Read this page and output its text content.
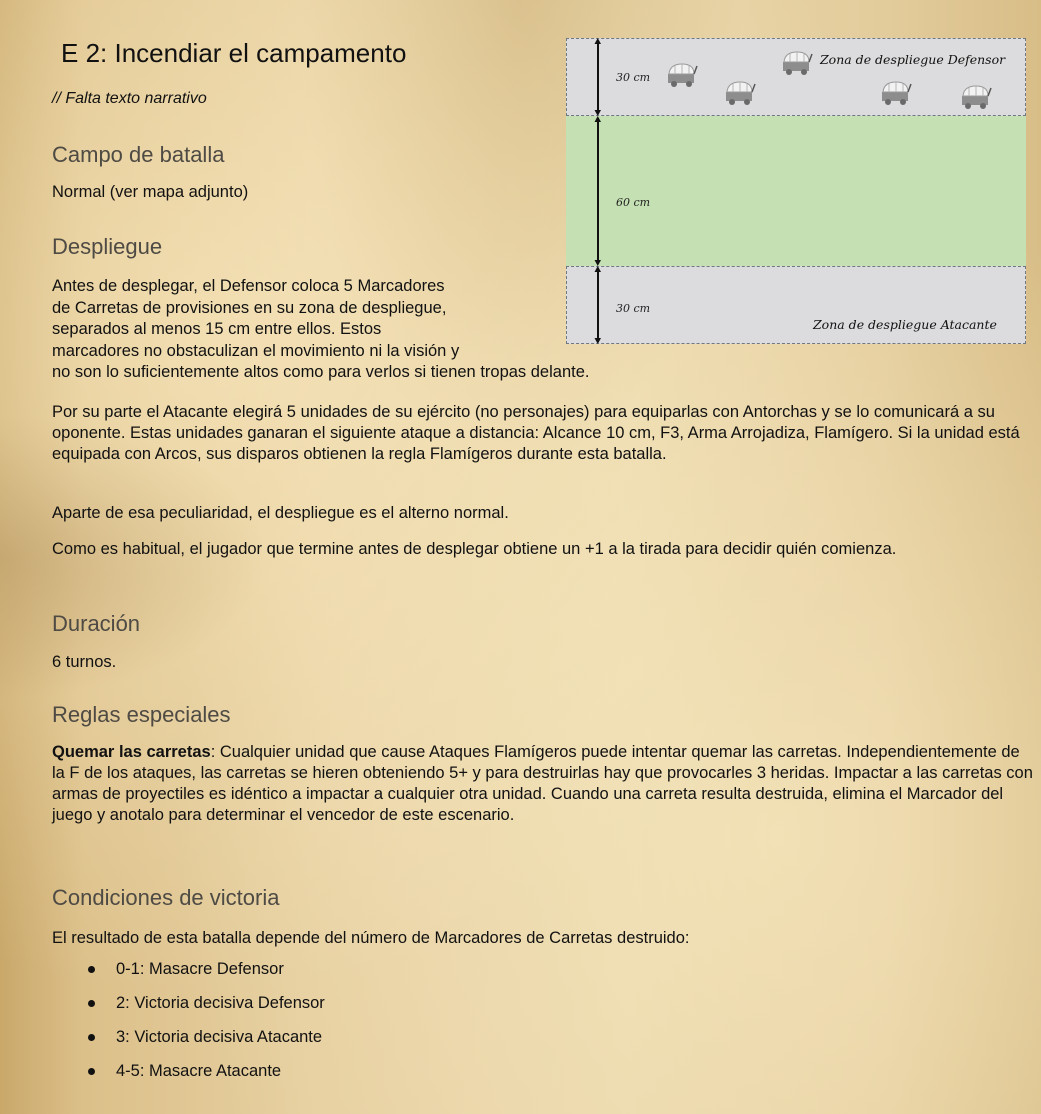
E 2: Incendiar el campamento
// Falta texto narrativo
30 cm
60 cm
30 cm
Zona de despliegue Defensor
Zona de despliegue Atacante
Campo de batalla

Normal (ver mapa adjunto)

Despliegue
Antes de desplegar, el Defensor coloca 5 Marcadores
de Carretas de provisiones en su zona de despliegue,
separados al menos 15 cm entre ellos. Estos
marcadores no obstaculizan el movimiento ni la visión y
no son lo suficientemente altos como para verlos si tienen tropas delante.

Por su parte el Atacante elegirá 5 unidades de su ejército (no personajes) para equiparlas con Antorchas y se lo comunicará a su oponente. Estas unidades ganaran el siguiente ataque a distancia: Alcance 10 cm, F3, Arma Arrojadiza, Flamígero. Si la unidad está equipada con Arcos, sus disparos obtienen la regla Flamígeros durante esta batalla.

Aparte de esa peculiaridad, el despliegue es el alterno normal.

Como es habitual, el jugador que termine antes de desplegar obtiene un +1 a la tirada para decidir quién comienza.

Duración

6 turnos.

Reglas especiales

Quemar las carretas: Cualquier unidad que cause Ataques Flamígeros puede intentar quemar las carretas. Independientemente de la F de los ataques, las carretas se hieren obteniendo 5+ y para destruirlas hay que provocarles 3 heridas. Impactar a las carretas con armas de proyectiles es idéntico a impactar a cualquier otra unidad. Cuando una carreta resulta destruida, elimina el Marcador del juego y anotalo para determinar el vencedor de este escenario.

Condiciones de victoria

El resultado de esta batalla depende del número de Marcadores de Carretas destruido:

0-1: Masacre Defensor
2: Victoria decisiva Defensor
3: Victoria decisiva Atacante
4-5: Masacre Atacante
